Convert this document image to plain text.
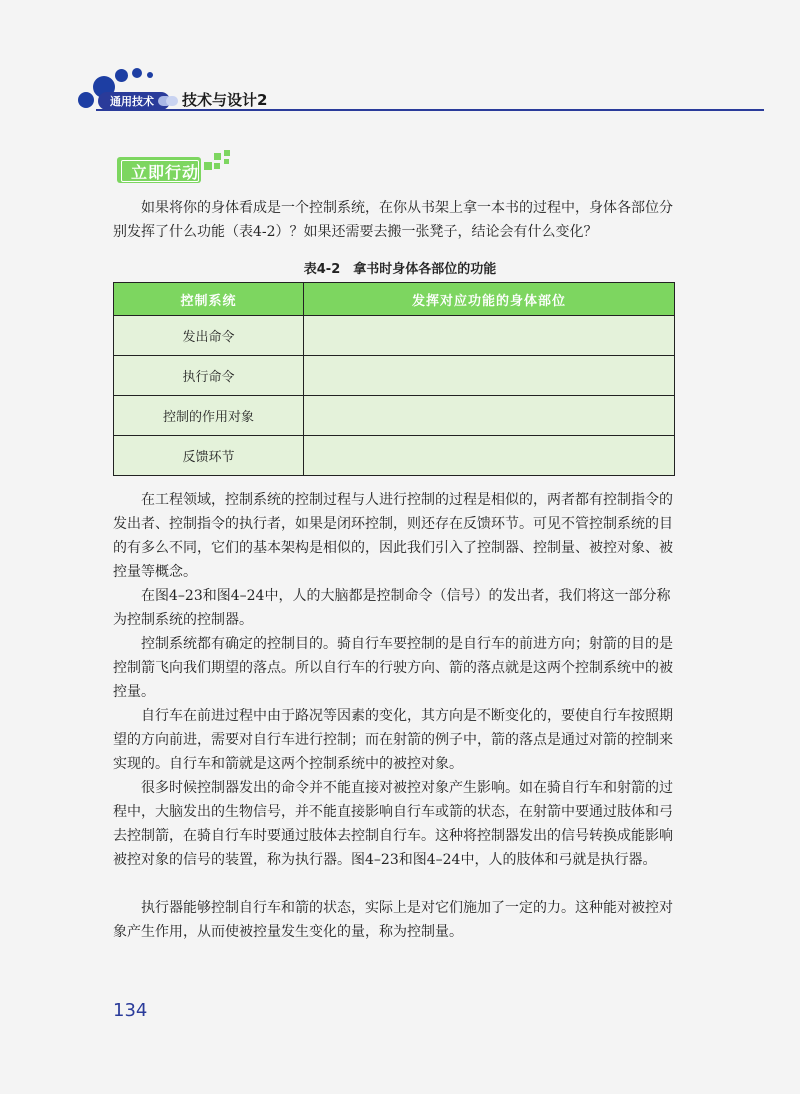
通用技术 技术与设计2
立即行动

如果将你的身体看成是一个控制系统，在你从书架上拿一本书的过程中，身体各部位分别发挥了什么功能（表4-2）？如果还需要去搬一张凳子，结论会有什么变化？

表4-2　拿书时身体各部位的功能
控制系统	发挥对应功能的身体部位
发出命令	
执行命令	
控制的作用对象	
反馈环节	

在工程领域，控制系统的控制过程与人进行控制的过程是相似的，两者都有控制指令的发出者、控制指令的执行者，如果是闭环控制，则还存在反馈环节。可见不管控制系统的目的有多么不同，它们的基本架构是相似的，因此我们引入了控制器、控制量、被控对象、被控量等概念。

在图4–23和图4–24中，人的大脑都是控制命令（信号）的发出者，我们将这一部分称为控制系统的控制器。

控制系统都有确定的控制目的。骑自行车要控制的是自行车的前进方向；射箭的目的是控制箭飞向我们期望的落点。所以自行车的行驶方向、箭的落点就是这两个控制系统中的被控量。

自行车在前进过程中由于路况等因素的变化，其方向是不断变化的，要使自行车按照期望的方向前进，需要对自行车进行控制；而在射箭的例子中，箭的落点是通过对箭的控制来实现的。自行车和箭就是这两个控制系统中的被控对象。

很多时候控制器发出的命令并不能直接对被控对象产生影响。如在骑自行车和射箭的过程中，大脑发出的生物信号，并不能直接影响自行车或箭的状态，在射箭中要通过肢体和弓去控制箭，在骑自行车时要通过肢体去控制自行车。这种将控制器发出的信号转换成能影响被控对象的信号的装置，称为执行器。图4–23和图4–24中，人的肢体和弓就是执行器。

执行器能够控制自行车和箭的状态，实际上是对它们施加了一定的力。这种能对被控对象产生作用，从而使被控量发生变化的量，称为控制量。

134
